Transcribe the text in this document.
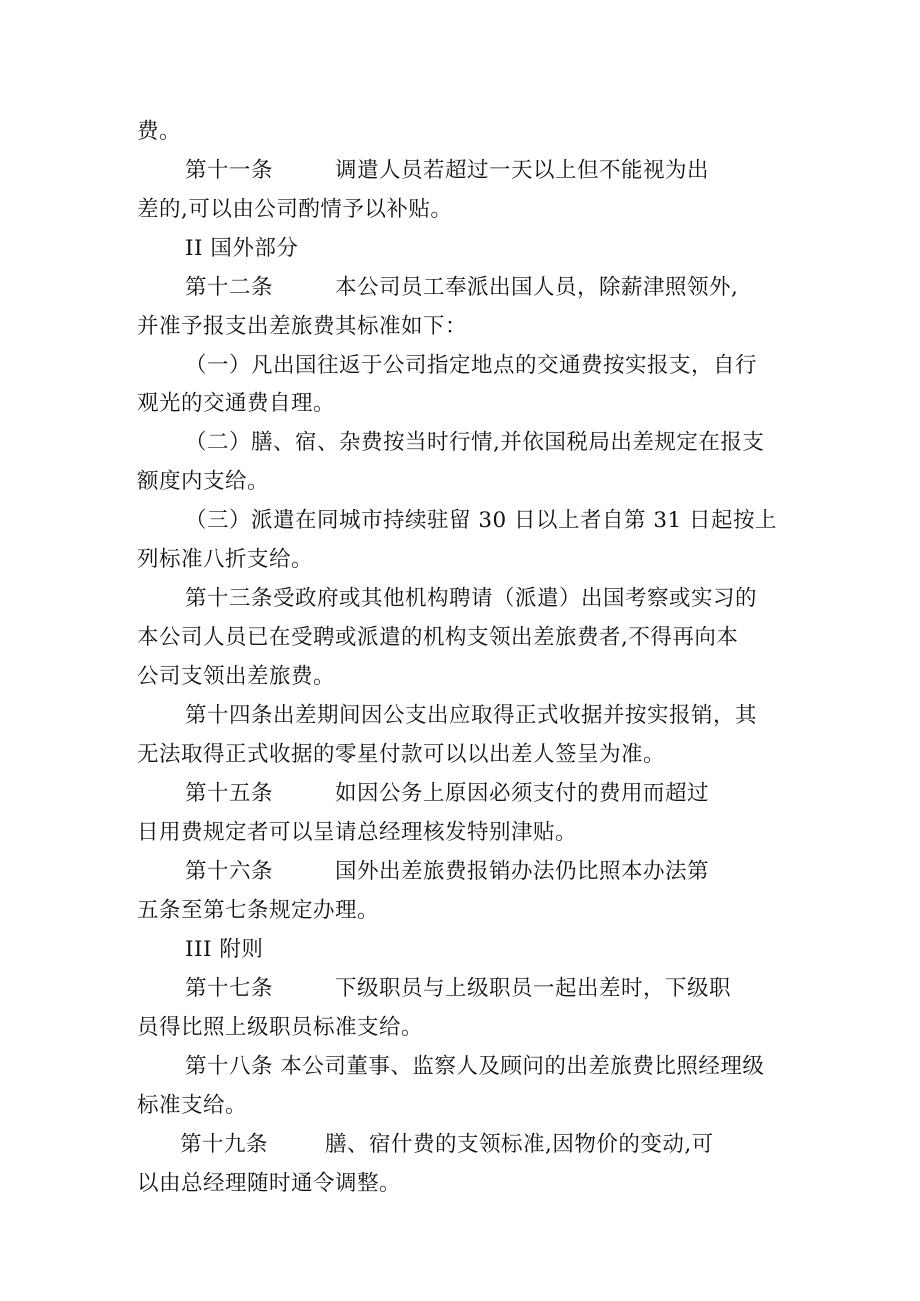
费。
第十一条	调遣人员若超过一天以上但不能视为出
差的,可以由公司酌情予以补贴。
II 国外部分
第十二条	本公司员工奉派出国人员，除薪津照领外,
并准予报支出差旅费其标准如下：
（一）凡出国往返于公司指定地点的交通费按实报支，自行
观光的交通费自理。
（二）膳、宿、杂费按当时行情,并依国税局出差规定在报支
额度内支给。
（三）派遣在同城市持续驻留 30 日以上者自第 31 日起按上
列标准八折支给。
第十三条受政府或其他机构聘请（派遣）出国考察或实习的
本公司人员已在受聘或派遣的机构支领出差旅费者,不得再向本
公司支领出差旅费。
第十四条出差期间因公支出应取得正式收据并按实报销，其
无法取得正式收据的零星付款可以以出差人签呈为准。
第十五条	如因公务上原因必须支付的费用而超过
日用费规定者可以呈请总经理核发特别津贴。
第十六条	国外出差旅费报销办法仍比照本办法第
五条至第七条规定办理。
III 附则
第十七条	下级职员与上级职员一起出差时，下级职
员得比照上级职员标准支给。
第十八条 本公司董事、监察人及顾问的出差旅费比照经理级
标准支给。
第十九条	膳、宿什费的支领标准,因物价的变动,可
以由总经理随时通令调整。
